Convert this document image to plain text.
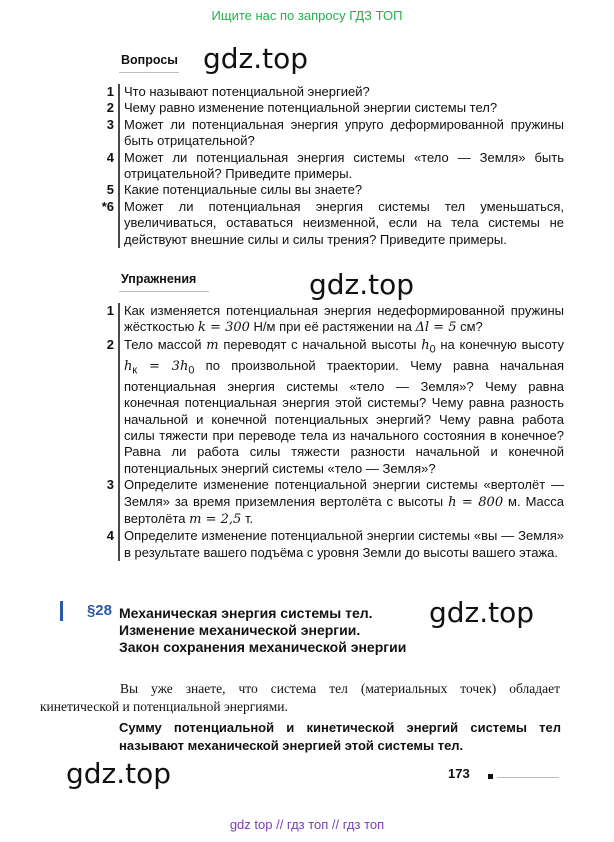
Ищите нас по запросу ГДЗ ТОП
gdz top // гдз топ // гдз топ
gdz.top
gdz.top
gdz.top
gdz.top
Вопросы
1 Что называют потенциальной энергией?
2 Чему равно изменение потенциальной энергии системы тел?
3 Может ли потенциальная энергия упруго деформированной пружины быть отрицательной?
4 Может ли потенциальная энергия системы «тело — Земля» быть отрицательной? Приведите примеры.
5 Какие потенциальные силы вы знаете?
*6 Может ли потенциальная энергия системы тел уменьшаться, увеличиваться, оставаться неизменной, если на тела системы не действуют внешние силы и силы трения? Приведите примеры.
Упражнения
1 Как изменяется потенциальная энергия недеформированной пружины жёсткостью k = 300 Н/м при её растяжении на Δl = 5 см?
2 Тело массой m переводят с начальной высоты $h_0$ на конечную высоту $h_к = 3h_0$ по произвольной траектории. Чему равна начальная потенциальная энергия системы «тело — Земля»? Чему равна конечная потенциальная энергия этой системы? Чему равна разность начальной и конечной потенциальных энергий? Чему равна работа силы тяжести при переводе тела из начального состояния в конечное? Равна ли работа силы тяжести разности начальной и конечной потенциальных энергий системы «тело — Земля»?
3 Определите изменение потенциальной энергии системы «вертолёт — Земля» за время приземления вертолёта с высоты h = 800 м. Масса вертолёта m = 2,5 т.
4 Определите изменение потенциальной энергии системы «вы — Земля» в результате вашего подъёма с уровня Земли до высоты вашего этажа.
§28 Механическая энергия системы тел.
Изменение механической энергии.
Закон сохранения механической энергии
Вы уже знаете, что система тел (материальных точек) обладает кинетической и потенциальной энергиями.
Сумму потенциальной и кинетической энергий системы тел называют механической энергией этой системы тел.
173
